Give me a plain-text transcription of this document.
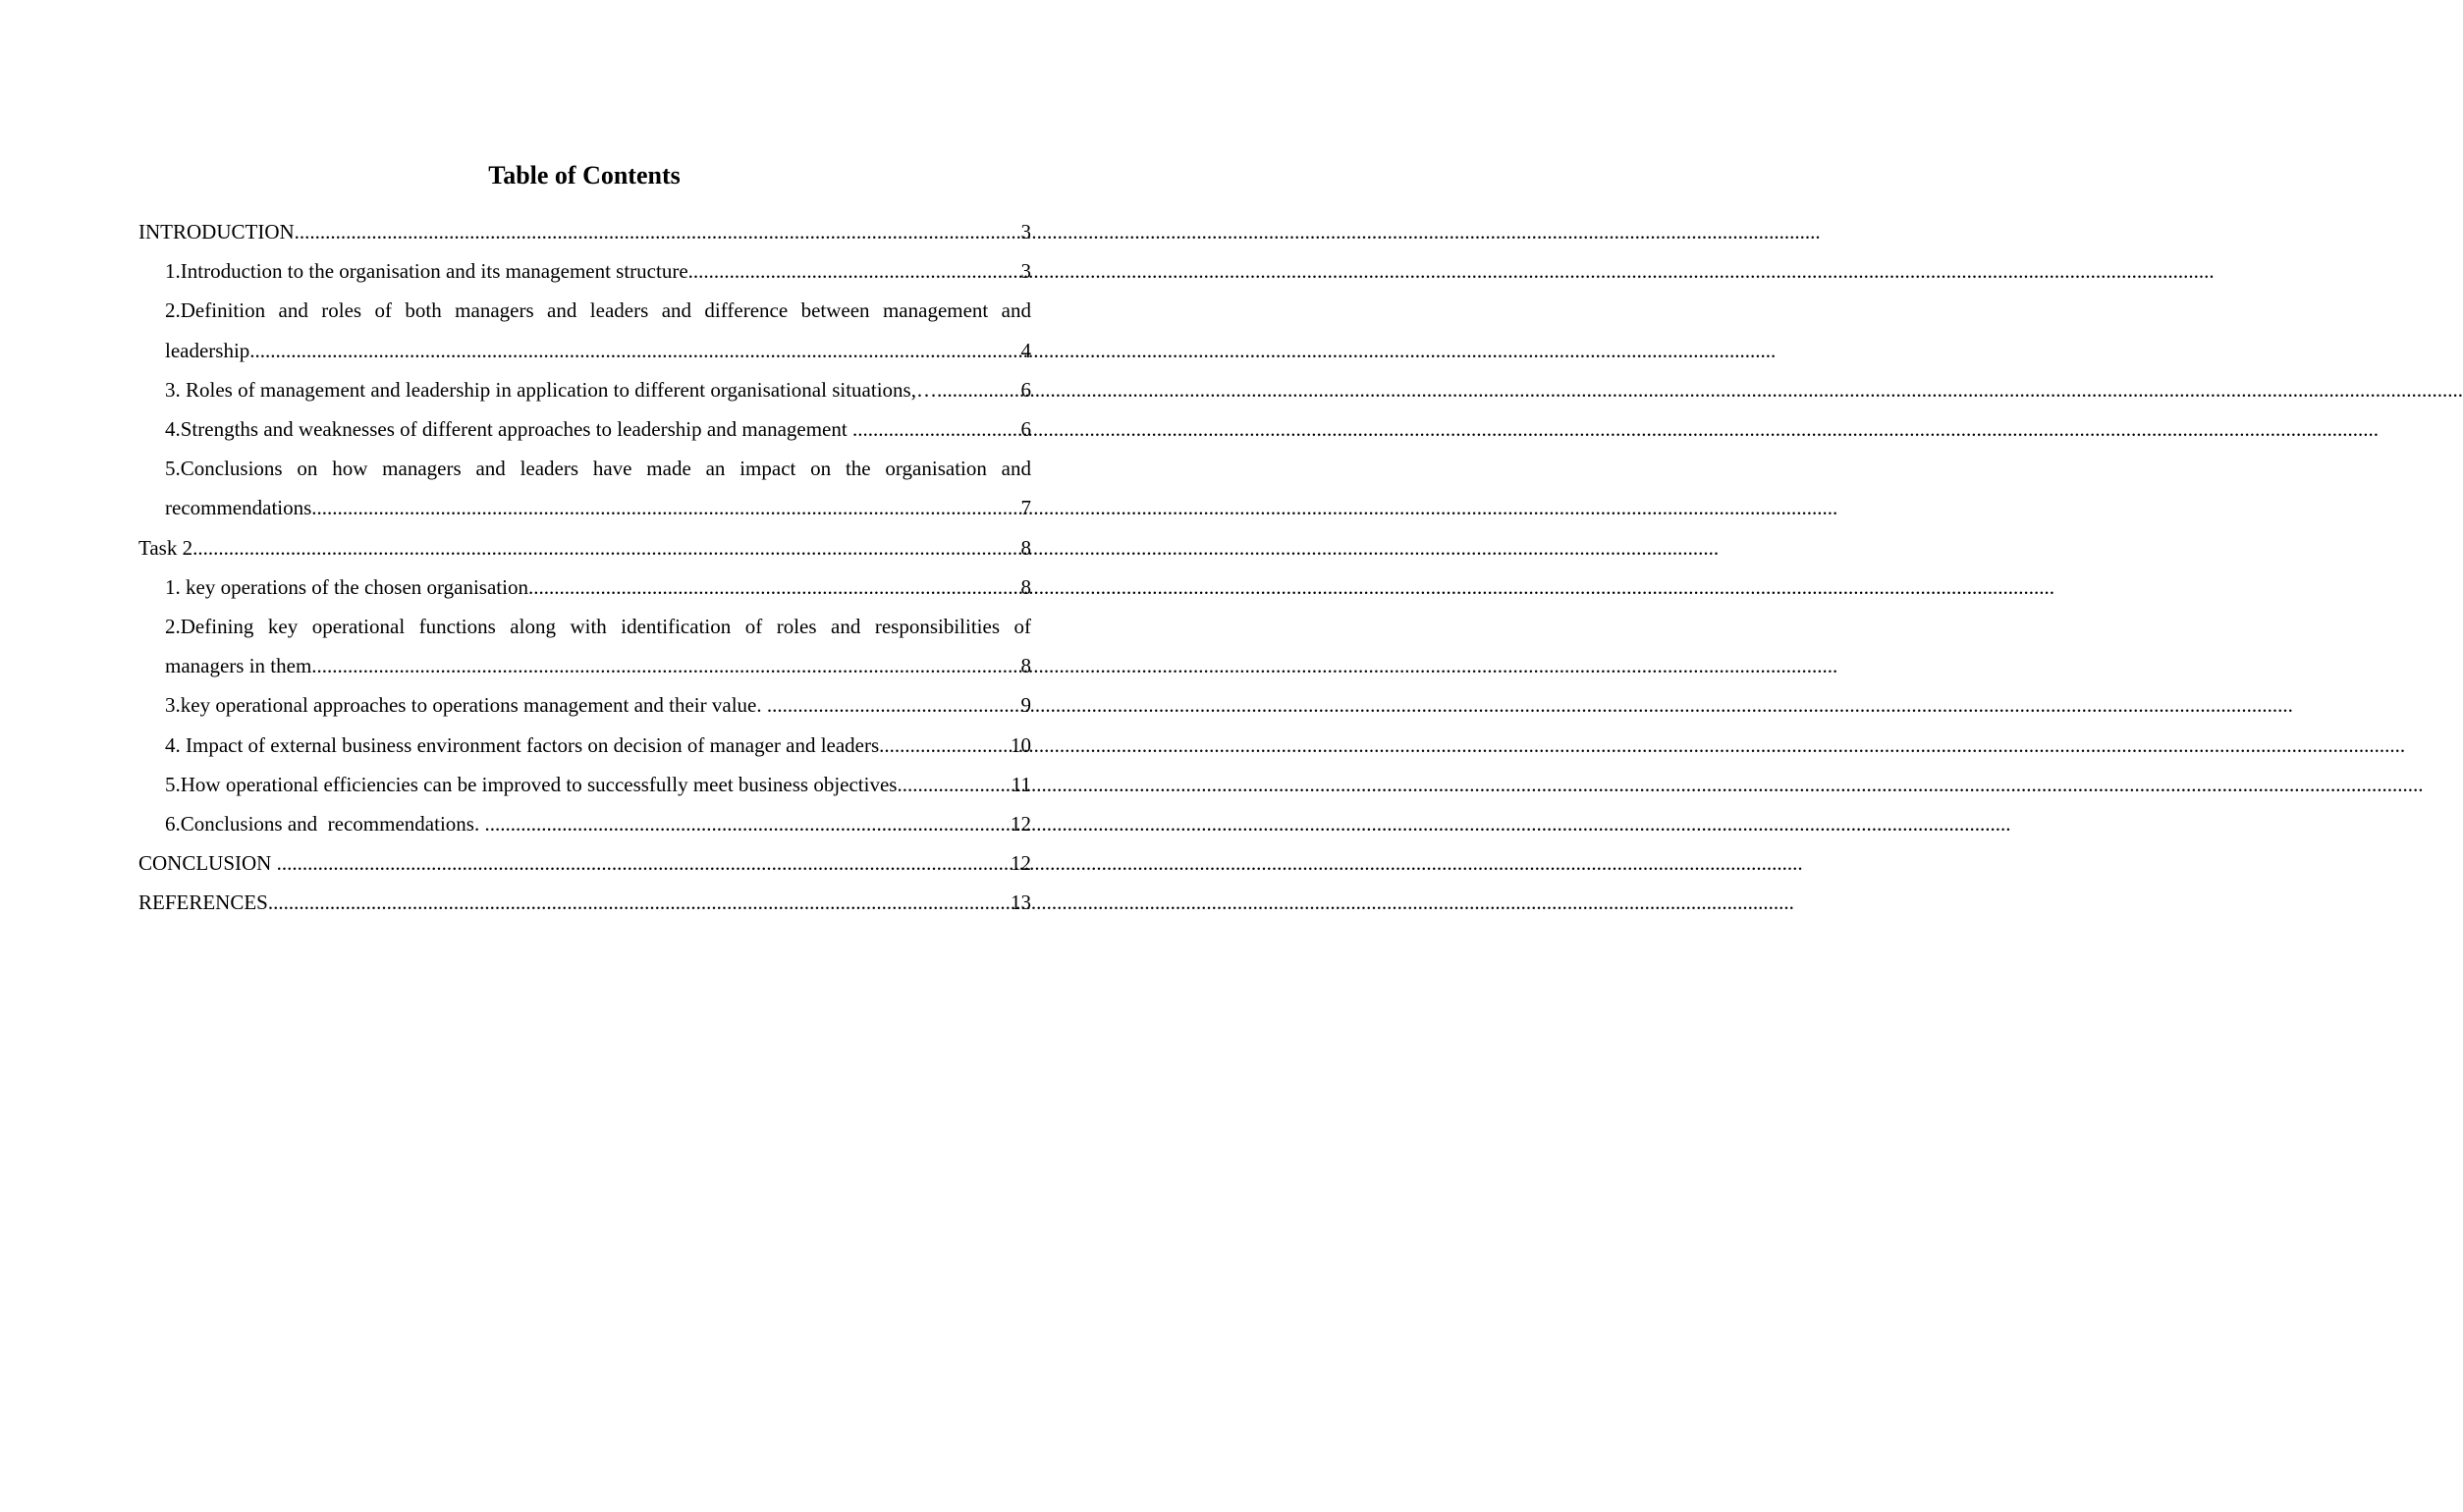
Table of Contents
INTRODUCTION .....	3
1.Introduction to the organisation and its management structure .....	3
2.Definition and roles of both managers and leaders and difference between management and
leadership .....	4
3. Roles of management and leadership in application to different organisational situations,… .....	6
4.Strengths and weaknesses of different approaches to leadership and management .....	6
5.Conclusions on how managers and leaders have made an impact on the organisation and
recommendations .....	7
Task 2 .....	8
1. key operations of the chosen organisation .....	8
2.Defining key operational functions along with identification of roles and responsibilities of
managers in them .....	8
3.key operational approaches to operations management and their value. .....	9
4. Impact of external business environment factors on decision of manager and leaders .....	10
5.How operational efficiencies can be improved to successfully meet business objectives .....	11
6.Conclusions and  recommendations. .....	12
CONCLUSION .....	12
REFERENCES .....	13
